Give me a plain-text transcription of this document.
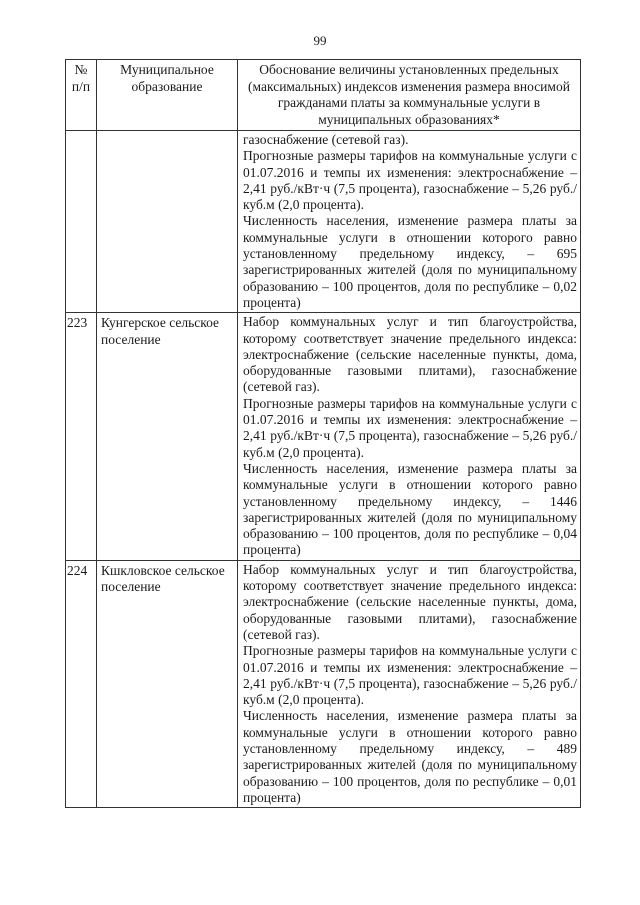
99
№ п/п	Муниципальное образование	Обоснование величины установленных предельных (максимальных) индексов изменения размера вносимой гражданами платы за коммунальные услуги в муниципальных образованиях*

		газоснабжение (сетевой газ).

Прогнозные размеры тарифов на коммунальные услуги с 01.07.2016 и темпы их изменения: электроснабжение – 2,41 руб./кВт·ч (7,5 процента), газоснабжение – 5,26 руб./куб.м (2,0 процента).

Численность населения, изменение размера платы за коммунальные услуги в отношении которого равно установленному предельному индексу, – 695 зарегистрированных жителей (доля по муниципальному образованию – 100 процентов, доля по республике – 0,02 процента)

223	Кунгерское сельское поселение	Набор коммунальных услуг и тип благоустройства, которому соответствует значение предельного индекса: электроснабжение (сельские населенные пункты, дома, оборудованные газовыми плитами), газоснабжение (сетевой газ).

Прогнозные размеры тарифов на коммунальные услуги с 01.07.2016 и темпы их изменения: электроснабжение – 2,41 руб./кВт·ч (7,5 процента), газоснабжение – 5,26 руб./куб.м (2,0 процента).

Численность населения, изменение размера платы за коммунальные услуги в отношении которого равно установленному предельному индексу, – 1446 зарегистрированных жителей (доля по муниципальному образованию – 100 процентов, доля по республике – 0,04 процента)

224	Кшкловское сельское поселение	Набор коммунальных услуг и тип благоустройства, которому соответствует значение предельного индекса: электроснабжение (сельские населенные пункты, дома, оборудованные газовыми плитами), газоснабжение (сетевой газ).

Прогнозные размеры тарифов на коммунальные услуги с 01.07.2016 и темпы их изменения: электроснабжение – 2,41 руб./кВт·ч (7,5 процента), газоснабжение – 5,26 руб./куб.м (2,0 процента).

Численность населения, изменение размера платы за коммунальные услуги в отношении которого равно установленному предельному индексу, – 489 зарегистрированных жителей (доля по муниципальному образованию – 100 процентов, доля по республике – 0,01 процента)
